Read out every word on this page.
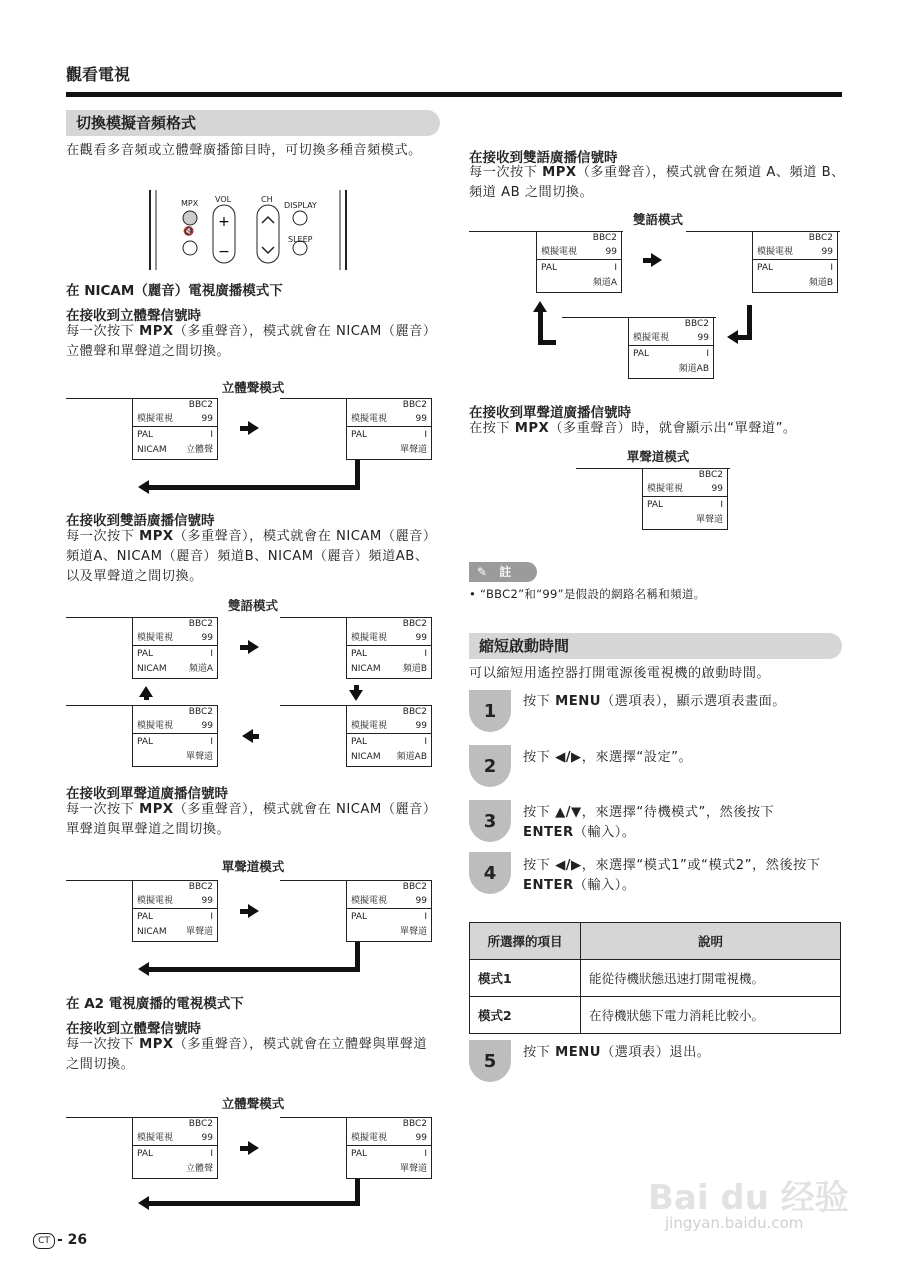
觀看電視
切換模擬音頻格式
在觀看多音頻或立體聲廣播節目時，可切換多種音頻模式。
+
−
MPX
🔇
VOL	CH
DISPLAY
SLEEP
在 NICAM（麗音）電視廣播模式下
在接收到立體聲信號時
每一次按下 MPX（多重聲音），模式就會在 NICAM（麗音）立體聲和單聲道之間切換。
立體聲模式
BBC2
模擬電視	99
PAL	I
NICAM 立體聲
BBC2
模擬電視	99
PAL	I
單聲道
在接收到雙語廣播信號時
每一次按下 MPX（多重聲音），模式就會在 NICAM（麗音）頻道A、NICAM（麗音）頻道B、NICAM（麗音）頻道AB、以及單聲道之間切換。
雙語模式
BBC2
模擬電視	99
PAL	I
NICAM 頻道A
BBC2
模擬電視	99
PAL	I
NICAM 頻道B
BBC2
模擬電視	99
PAL	I
單聲道
BBC2
模擬電視	99
PAL	I
NICAM 頻道AB
在接收到單聲道廣播信號時
每一次按下 MPX（多重聲音），模式就會在 NICAM（麗音）單聲道與單聲道之間切換。
單聲道模式
BBC2
模擬電視	99
PAL	I
NICAM 單聲道
BBC2
模擬電視	99
PAL	I
單聲道
在 A2 電視廣播的電視模式下
在接收到立體聲信號時
每一次按下 MPX（多重聲音），模式就會在立體聲與單聲道之間切換。
立體聲模式
BBC2
模擬電視	99
PAL	I
立體聲
BBC2
模擬電視	99
PAL	I
單聲道
CT - 26
在接收到雙語廣播信號時
每一次按下 MPX（多重聲音），模式就會在頻道 A、頻道 B、頻道 AB 之間切換。
雙語模式
BBC2
模擬電視	99
PAL	I
頻道A
BBC2
模擬電視	99
PAL	I
頻道B
BBC2
模擬電視	99
PAL	I
頻道AB
在接收到單聲道廣播信號時
在按下 MPX（多重聲音）時，就會顯示出“單聲道”。
單聲道模式
BBC2
模擬電視	99
PAL	I
單聲道
✎ 註
• “BBC2”和“99”是假設的網路名稱和頻道。
縮短啟動時間
可以縮短用遙控器打開電源後電視機的啟動時間。
1	按下 MENU（選項表），顯示選項表畫面。
2	按下 ◀/▶，來選擇“設定”。
3	按下 ▲/▼，來選擇“待機模式”，然後按下
ENTER（輸入）。
4	按下 ◀/▶，來選擇“模式1”或“模式2”，然後按下ENTER（輸入）。
所選擇的項目	說明
模式1	能從待機狀態迅速打開電視機。
模式2	在待機狀態下電力消耗比較小。
5	按下 MENU（選項表）退出。
Bai du 经验
jingyan.baidu.com
